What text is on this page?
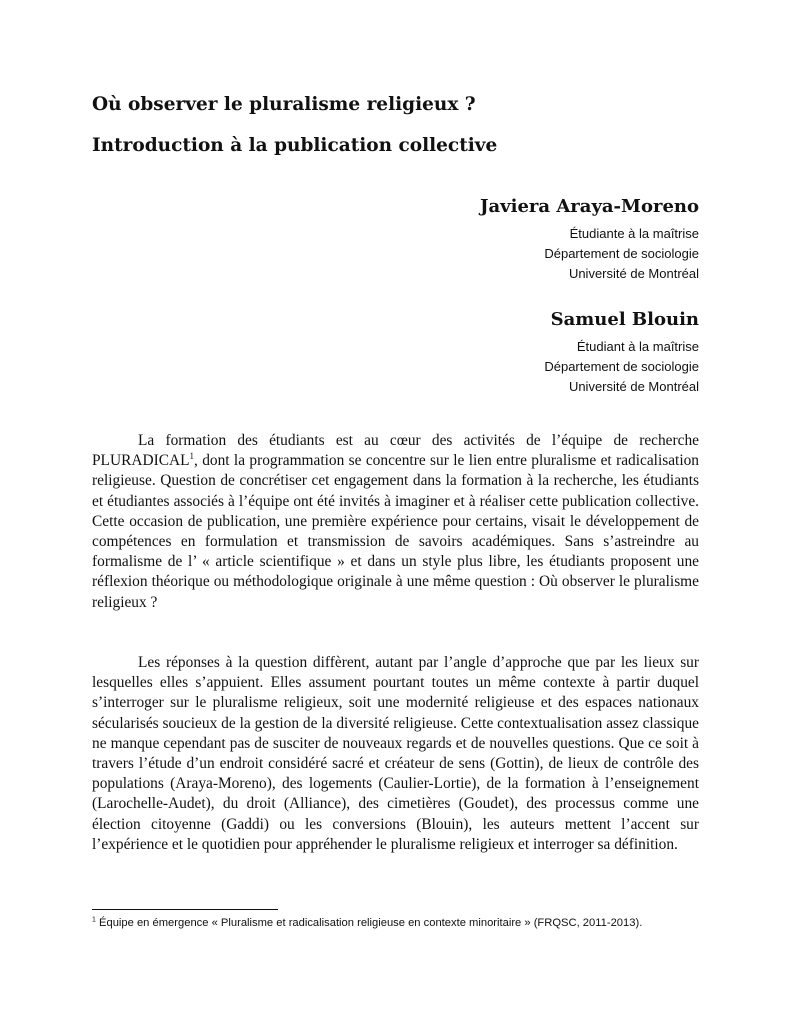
Où observer le pluralisme religieux ?
Introduction à la publication collective

Javiera Araya-Moreno

Étudiante à la maîtrise

Département de sociologie

Université de Montréal

Samuel Blouin

Étudiant à la maîtrise

Département de sociologie

Université de Montréal

La formation des étudiants est au cœur des activités de l’équipe de recherche PLURADICAL$^1$, dont la programmation se concentre sur le lien entre pluralisme et radicalisation religieuse. Question de concrétiser cet engagement dans la formation à la recherche, les étudiants et étudiantes associés à l’équipe ont été invités à imaginer et à réaliser cette publication collective. Cette occasion de publication, une première expérience pour certains, visait le développement de compétences en formulation et transmission de savoirs académiques. Sans s’astreindre au formalisme de l’ « article scientifique » et dans un style plus libre, les étudiants proposent une réflexion théorique ou méthodologique originale à une même question : Où observer le pluralisme religieux ?

Les réponses à la question diffèrent, autant par l’angle d’approche que par les lieux sur lesquelles elles s’appuient. Elles assument pourtant toutes un même contexte à partir duquel s’interroger sur le pluralisme religieux, soit une modernité religieuse et des espaces nationaux sécularisés soucieux de la gestion de la diversité religieuse. Cette contextualisation assez classique ne manque cependant pas de susciter de nouveaux regards et de nouvelles questions. Que ce soit à travers l’étude d’un endroit considéré sacré et créateur de sens (Gottin), de lieux de contrôle des populations (Araya-Moreno), des logements (Caulier-Lortie), de la formation à l’enseignement (Larochelle-Audet), du droit (Alliance), des cimetières (Goudet), des processus comme une élection citoyenne (Gaddi) ou les conversions (Blouin), les auteurs mettent l’accent sur l’expérience et le quotidien pour appréhender le pluralisme religieux et interroger sa définition.

$^1$ Équipe en émergence « Pluralisme et radicalisation religieuse en contexte minoritaire » (FRQSC, 2011-2013).
